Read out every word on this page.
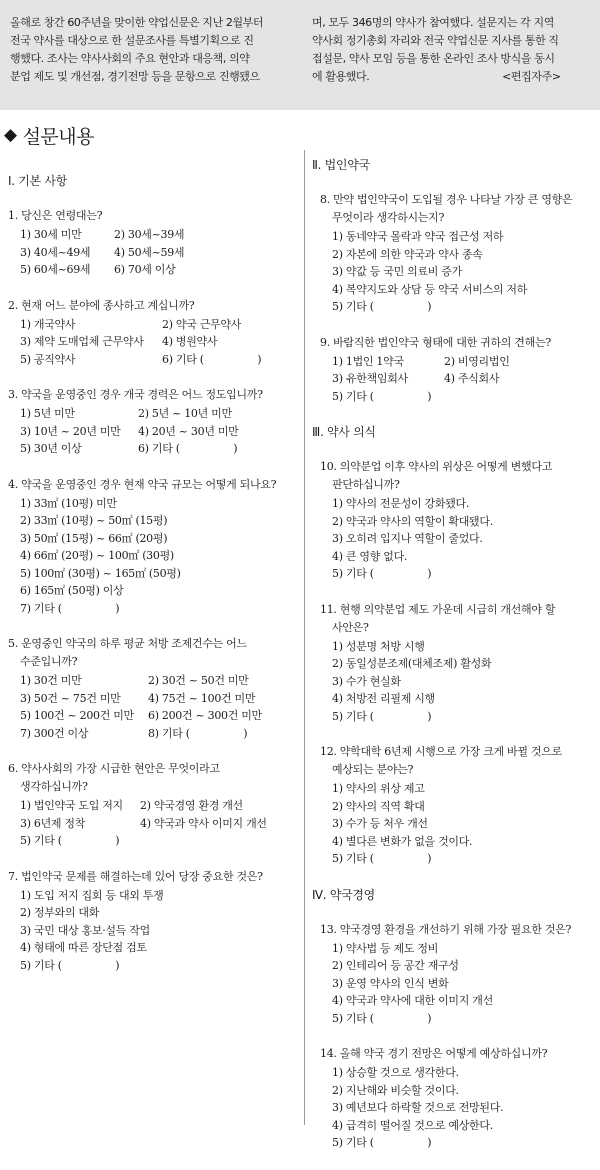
올해로 창간 60주년을 맞이한 약업신문은 지난 2월부터
전국 약사를 대상으로 한 설문조사를 특별기획으로 진
행했다. 조사는 약사사회의 주요 현안과 대응책, 의약
분업 제도 및 개선점, 경기전망 등을 문항으로 진행됐으
며, 모두 346명의 약사가 참여했다. 설문지는 각 지역
약사회 정기총회 자리와 전국 약업신문 지사를 통한 직
접설문, 약사 모임 등을 통한 온라인 조사 방식을 동시
에 활용했다.	<편집자주>
◆ 설문내용
Ⅰ. 기본 사항
1. 당신은 연령대는?
1) 30세 미만	2) 30세~39세
3) 40세~49세	4) 50세~59세
5) 60세~69세	6) 70세 이상
2. 현재 어느 분야에 종사하고 계십니까?
1) 개국약사	2) 약국 근무약사
3) 제약 도매업체 근무약사	4) 병원약사
5) 공직약사	6) 기타 (　　　　　)
3. 약국을 운영중인 경우 개국 경력은 어느 정도입니까?
1) 5년 미만	2) 5년 ~ 10년 미만
3) 10년 ~ 20년 미만	4) 20년 ~ 30년 미만
5) 30년 이상	6) 기타 (　　　　　)
4. 약국을 운영중인 경우 현재 약국 규모는 어떻게 되나요?
1) 33㎡ (10평) 미만
2) 33㎡ (10평) ~ 50㎡ (15평)
3) 50㎡ (15평) ~ 66㎡ (20평)
4) 66㎡ (20평) ~ 100㎡ (30평)
5) 100㎡ (30평) ~ 165㎡ (50평)
6) 165㎡ (50평) 이상
7) 기타 (　　　　　)
5. 운영중인 약국의 하루 평균 처방 조제건수는 어느
수준입니까?
1) 30건 미만	2) 30건 ~ 50건 미만
3) 50건 ~ 75건 미만	4) 75건 ~ 100건 미만
5) 100건 ~ 200건 미만	6) 200건 ~ 300건 미만
7) 300건 이상	8) 기타 (　　　　　)
6. 약사사회의 가장 시급한 현안은 무엇이라고
생각하십니까?
1) 법인약국 도입 저지	2) 약국경영 환경 개선
3) 6년제 정착	4) 약국과 약사 이미지 개선
5) 기타 (　　　　　)
7. 법인약국 문제를 해결하는데 있어 당장 중요한 것은?
1) 도입 저지 집회 등 대외 투쟁
2) 정부와의 대화
3) 국민 대상 홍보·설득 작업
4) 형태에 따른 장단점 검토
5) 기타 (　　　　　)
Ⅱ. 법인약국
8. 만약 법인약국이 도입될 경우 나타날 가장 큰 영향은
무엇이라 생각하시는지?
1) 동네약국 몰락과 약국 접근성 저하
2) 자본에 의한 약국과 약사 종속
3) 약값 등 국민 의료비 증가
4) 복약지도와 상담 등 약국 서비스의 저하
5) 기타 (　　　　　)
9. 바람직한 법인약국 형태에 대한 귀하의 견해는?
1) 1법인 1약국	2) 비영리법인
3) 유한책임회사	4) 주식회사
5) 기타 (　　　　　)
Ⅲ. 약사 의식
10. 의약분업 이후 약사의 위상은 어떻게 변했다고
판단하십니까?
1) 약사의 전문성이 강화됐다.
2) 약국과 약사의 역할이 확대됐다.
3) 오히려 입지나 역할이 줄었다.
4) 큰 영향 없다.
5) 기타 (　　　　　)
11. 현행 의약분업 제도 가운데 시급히 개선해야 할
사안은?
1) 성분명 처방 시행
2) 동일성분조제(대체조제) 활성화
3) 수가 현실화
4) 처방전 리필제 시행
5) 기타 (　　　　　)
12. 약학대학 6년제 시행으로 가장 크게 바뀔 것으로
예상되는 분야는?
1) 약사의 위상 제고
2) 약사의 직역 확대
3) 수가 등 처우 개선
4) 별다른 변화가 없을 것이다.
5) 기타 (　　　　　)
Ⅳ. 약국경영
13. 약국경영 환경을 개선하기 위해 가장 필요한 것은?
1) 약사법 등 제도 정비
2) 인테리어 등 공간 재구성
3) 운영 약사의 인식 변화
4) 약국과 약사에 대한 이미지 개선
5) 기타 (　　　　　)
14. 올해 약국 경기 전망은 어떻게 예상하십니까?
1) 상승할 것으로 생각한다.
2) 지난해와 비슷할 것이다.
3) 예년보다 하락할 것으로 전망된다.
4) 급격히 떨어질 것으로 예상한다.
5) 기타 (　　　　　)
